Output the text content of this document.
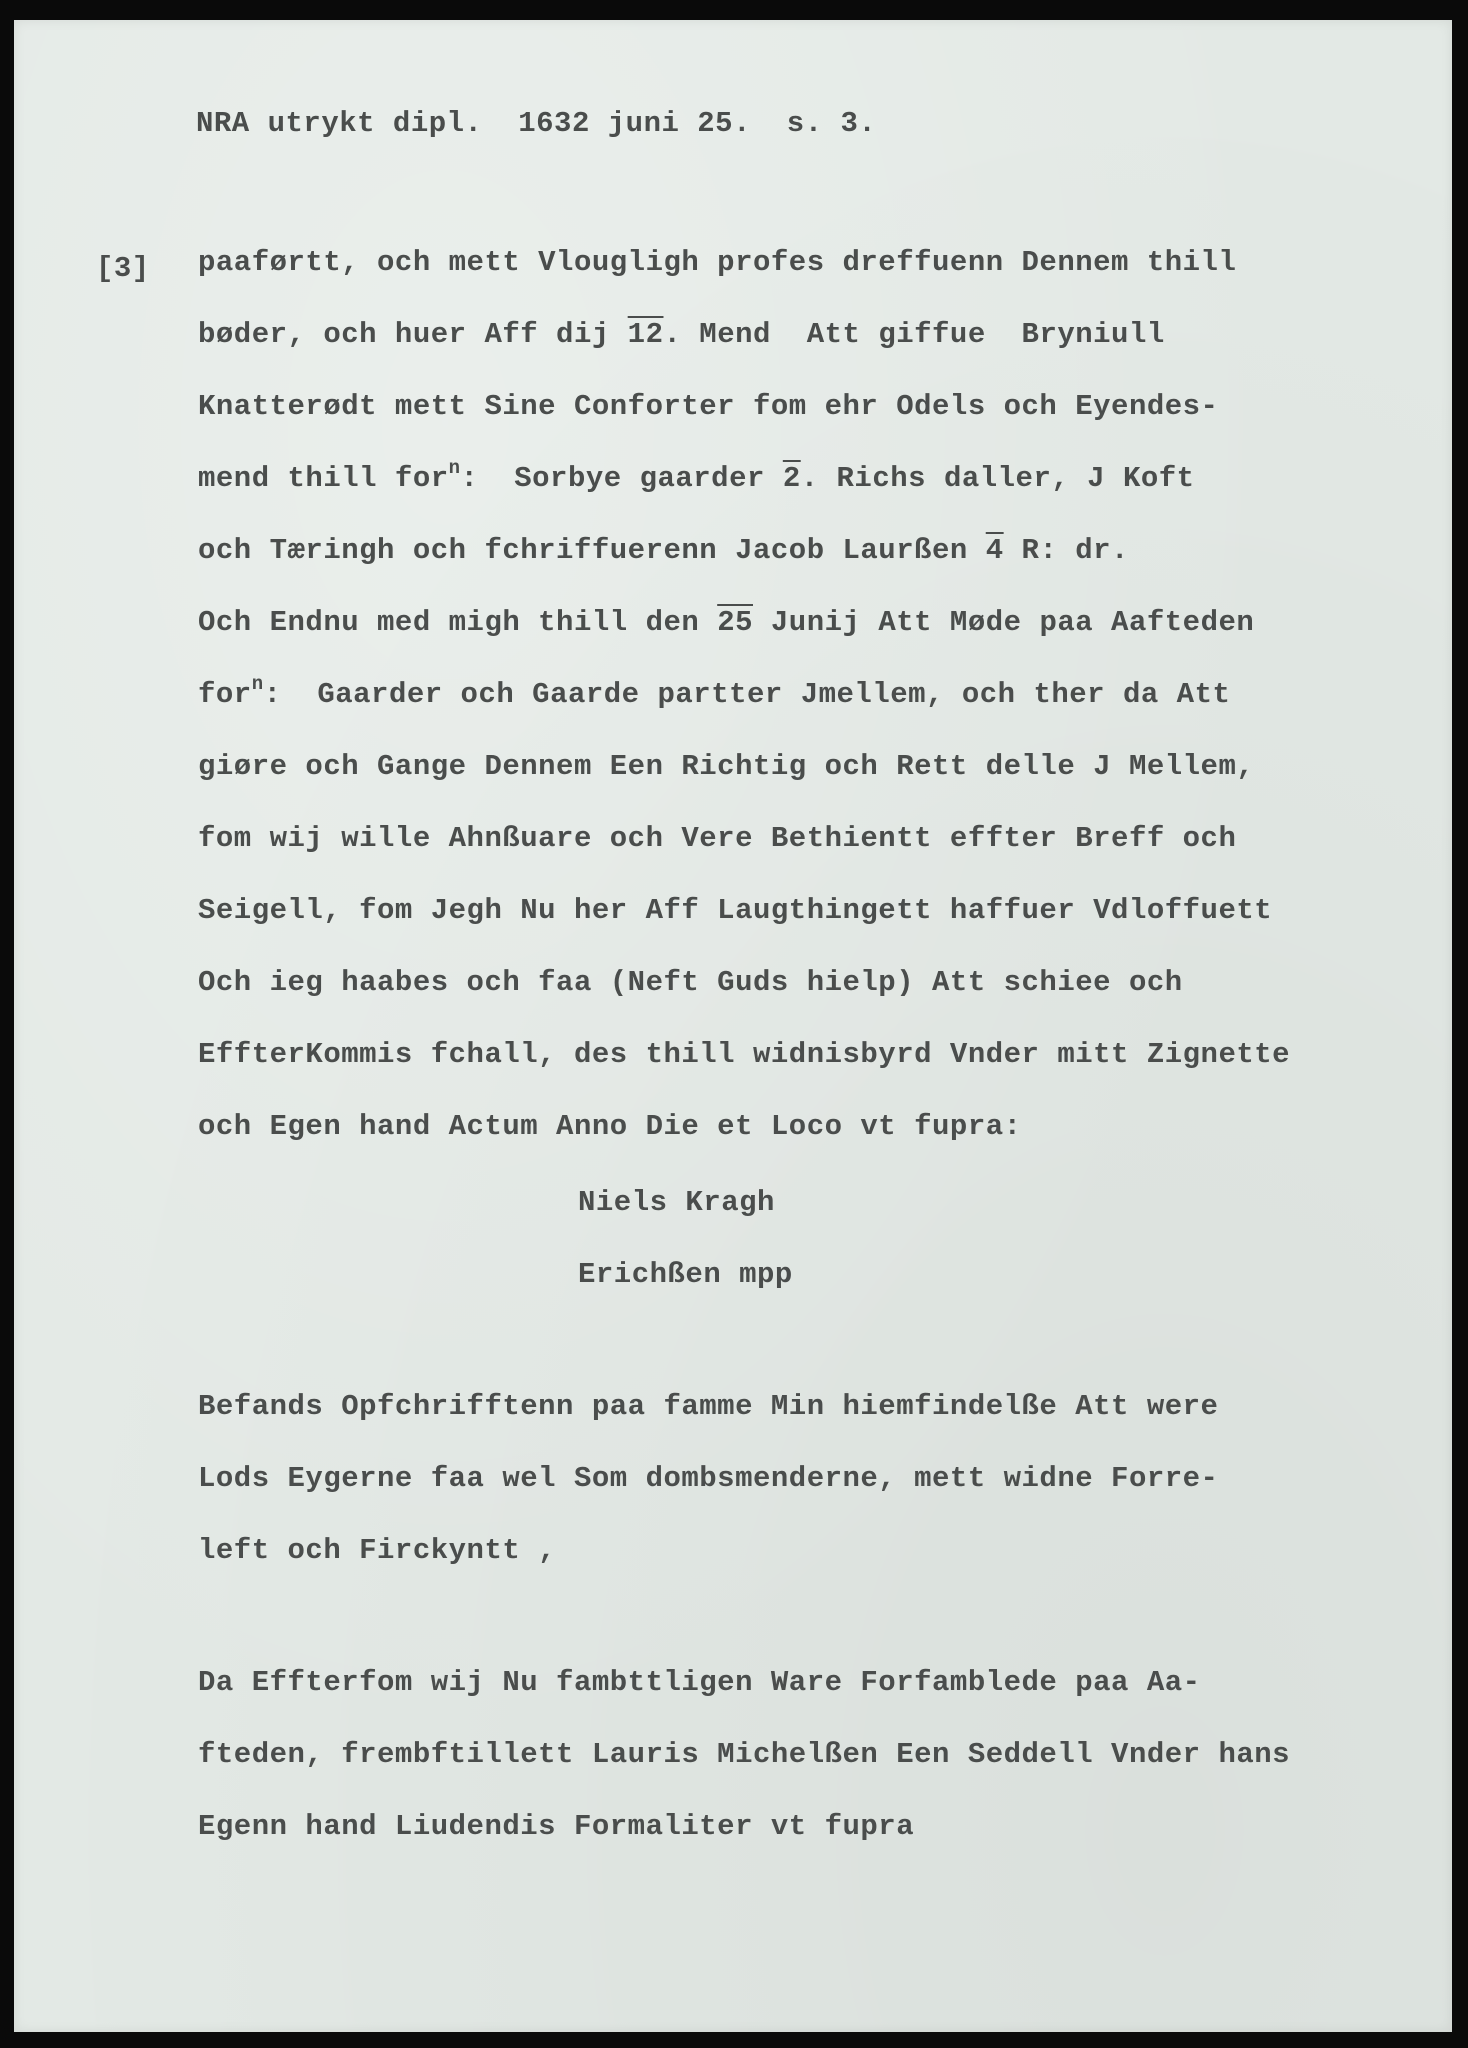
NRA utrykt dipl.  1632 juni 25.  s. 3.
[3] paaførtt, och mett Vlougligh profes dreffuenn Dennem thill
bøder, och huer Aff dij 12. Mend  Att giffue  Bryniull
Knatterødt mett Sine Conforter fom ehr Odels och Eyendes-
mend thill for$^n$:  Sorbye gaarder 2. Richs daller, J Koft
och Tæringh och fchriffuerenn Jacob Laurßen 4 R: dr.
Och Endnu med migh thill den 25 Junij Att Møde paa Aafteden
for$^n$:  Gaarder och Gaarde partter Jmellem, och ther da Att
giøre och Gange Dennem Een Richtig och Rett delle J Mellem,
fom wij wille Ahnßuare och Vere Bethientt effter Breff och
Seigell, fom Jegh Nu her Aff Laugthingett haffuer Vdloffuett
Och ieg haabes och faa (Neft Guds hielp) Att schiee och
EffterKommis fchall, des thill widnisbyrd Vnder mitt Zignette
och Egen hand Actum Anno Die et Loco vt fupra:
Niels Kragh
Erichßen mpp
Befands Opfchrifftenn paa famme Min hiemfindelße Att were
Lods Eygerne faa wel Som dombsmenderne, mett widne Forre-
left och Firckyntt ,
Da Effterfom wij Nu fambttligen Ware Forfamblede paa Aa-
fteden, frembftillett Lauris Michelßen Een Seddell Vnder hans
Egenn hand Liudendis Formaliter vt fupra
